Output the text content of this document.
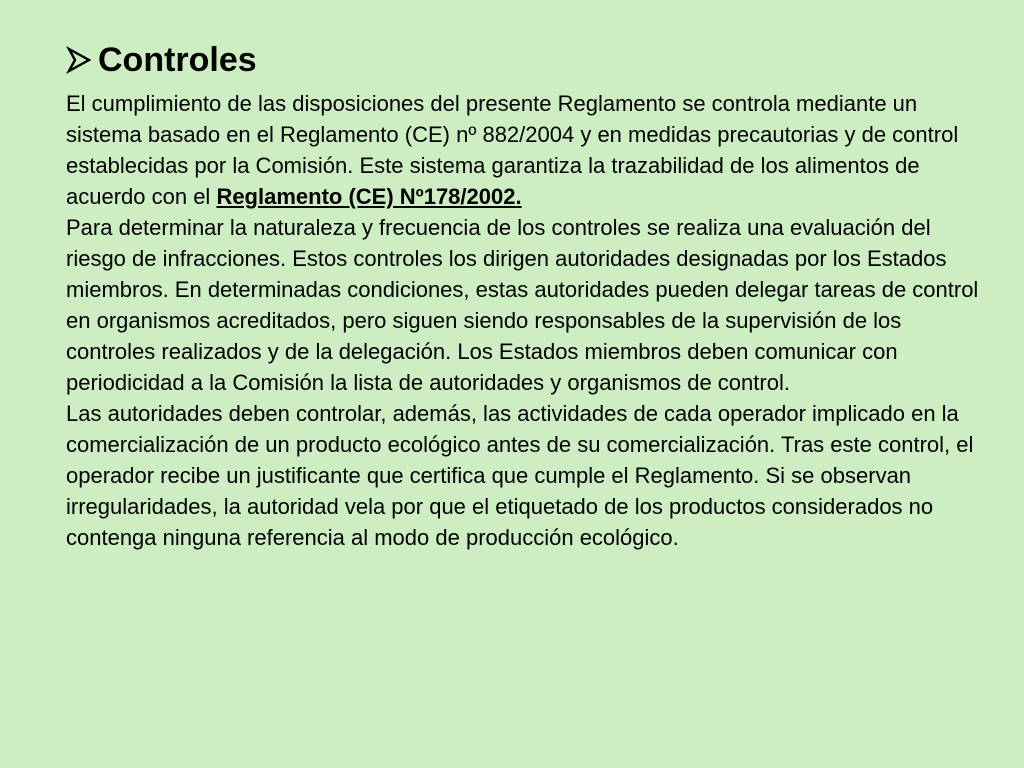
Controles

El cumplimiento de las disposiciones del presente Reglamento se controla mediante un sistema basado en el Reglamento (CE) nº 882/2004 y en medidas precautorias y de control establecidas por la Comisión. Este sistema garantiza la trazabilidad de los alimentos de acuerdo con el Reglamento (CE) Nº178/2002.

Para determinar la naturaleza y frecuencia de los controles se realiza una evaluación del riesgo de infracciones. Estos controles los dirigen autoridades designadas por los Estados miembros. En determinadas condiciones, estas autoridades pueden delegar tareas de control en organismos acreditados, pero siguen siendo responsables de la supervisión de los controles realizados y de la delegación. Los Estados miembros deben comunicar con periodicidad a la Comisión la lista de autoridades y organismos de control.

Las autoridades deben controlar, además, las actividades de cada operador implicado en la comercialización de un producto ecológico antes de su comercialización. Tras este control, el operador recibe un justificante que certifica que cumple el Reglamento. Si se observan irregularidades, la autoridad vela por que el etiquetado de los productos considerados no contenga ninguna referencia al modo de producción ecológico.
